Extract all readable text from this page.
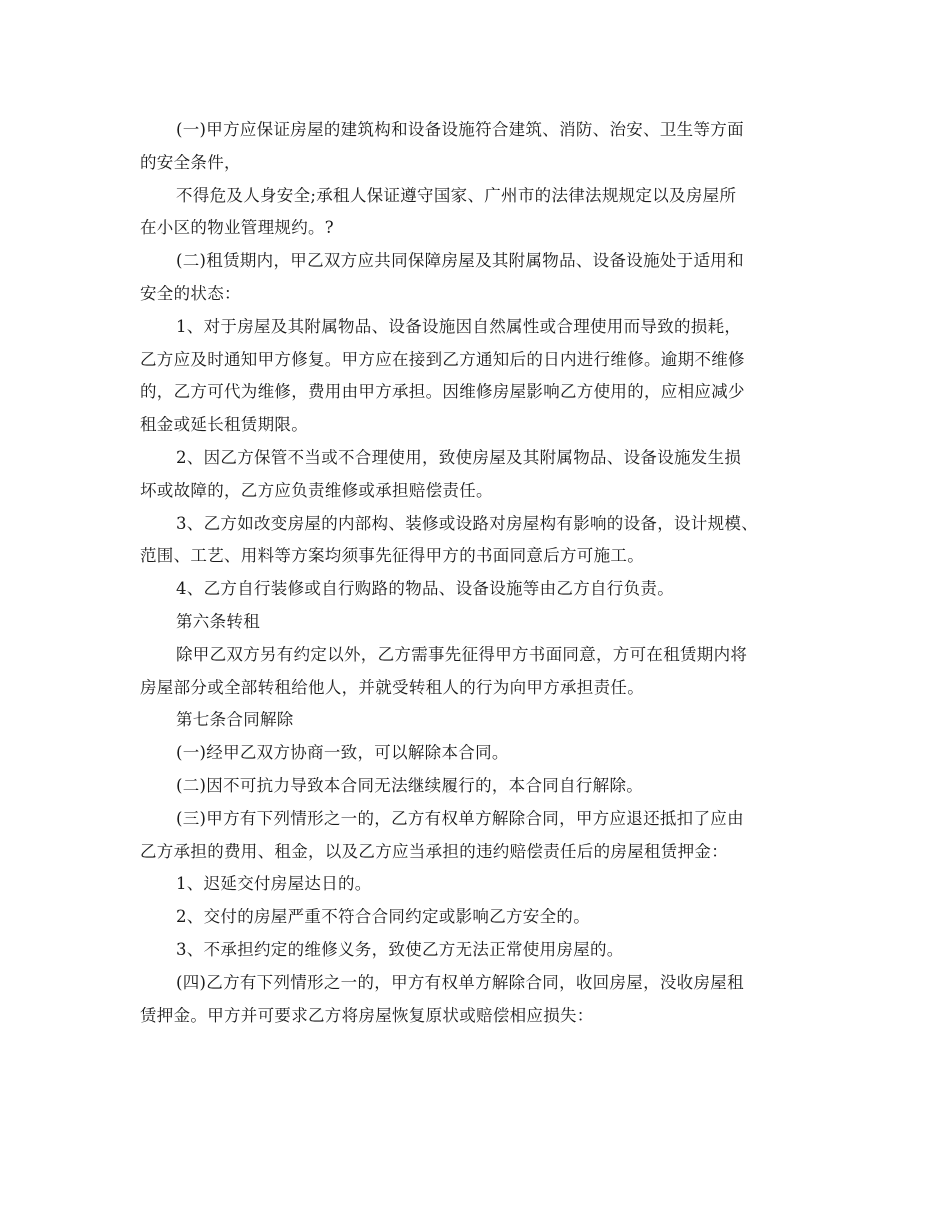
(一)甲方应保证房屋的建筑构和设备设施符合建筑、消防、治安、卫生等方面
的安全条件，
不得危及人身安全;承租人保证遵守国家、广州市的法律法规规定以及房屋所
在小区的物业管理规约。?
(二)租赁期内，甲乙双方应共同保障房屋及其附属物品、设备设施处于适用和
安全的状态：
1、对于房屋及其附属物品、设备设施因自然属性或合理使用而导致的损耗，
乙方应及时通知甲方修复。甲方应在接到乙方通知后的日内进行维修。逾期不维修
的，乙方可代为维修，费用由甲方承担。因维修房屋影响乙方使用的，应相应减少
租金或延长租赁期限。
2、因乙方保管不当或不合理使用，致使房屋及其附属物品、设备设施发生损
坏或故障的，乙方应负责维修或承担赔偿责任。
3、乙方如改变房屋的内部构、装修或设路对房屋构有影响的设备，设计规模、
范围、工艺、用料等方案均须事先征得甲方的书面同意后方可施工。
4、乙方自行装修或自行购路的物品、设备设施等由乙方自行负责。
第六条转租
除甲乙双方另有约定以外，乙方需事先征得甲方书面同意，方可在租赁期内将
房屋部分或全部转租给他人，并就受转租人的行为向甲方承担责任。
第七条合同解除
(一)经甲乙双方协商一致，可以解除本合同。
(二)因不可抗力导致本合同无法继续履行的，本合同自行解除。
(三)甲方有下列情形之一的，乙方有权单方解除合同，甲方应退还抵扣了应由
乙方承担的费用、租金，以及乙方应当承担的违约赔偿责任后的房屋租赁押金：
1、迟延交付房屋达日的。
2、交付的房屋严重不符合合同约定或影响乙方安全的。
3、不承担约定的维修义务，致使乙方无法正常使用房屋的。
(四)乙方有下列情形之一的，甲方有权单方解除合同，收回房屋，没收房屋租
赁押金。甲方并可要求乙方将房屋恢复原状或赔偿相应损失：
